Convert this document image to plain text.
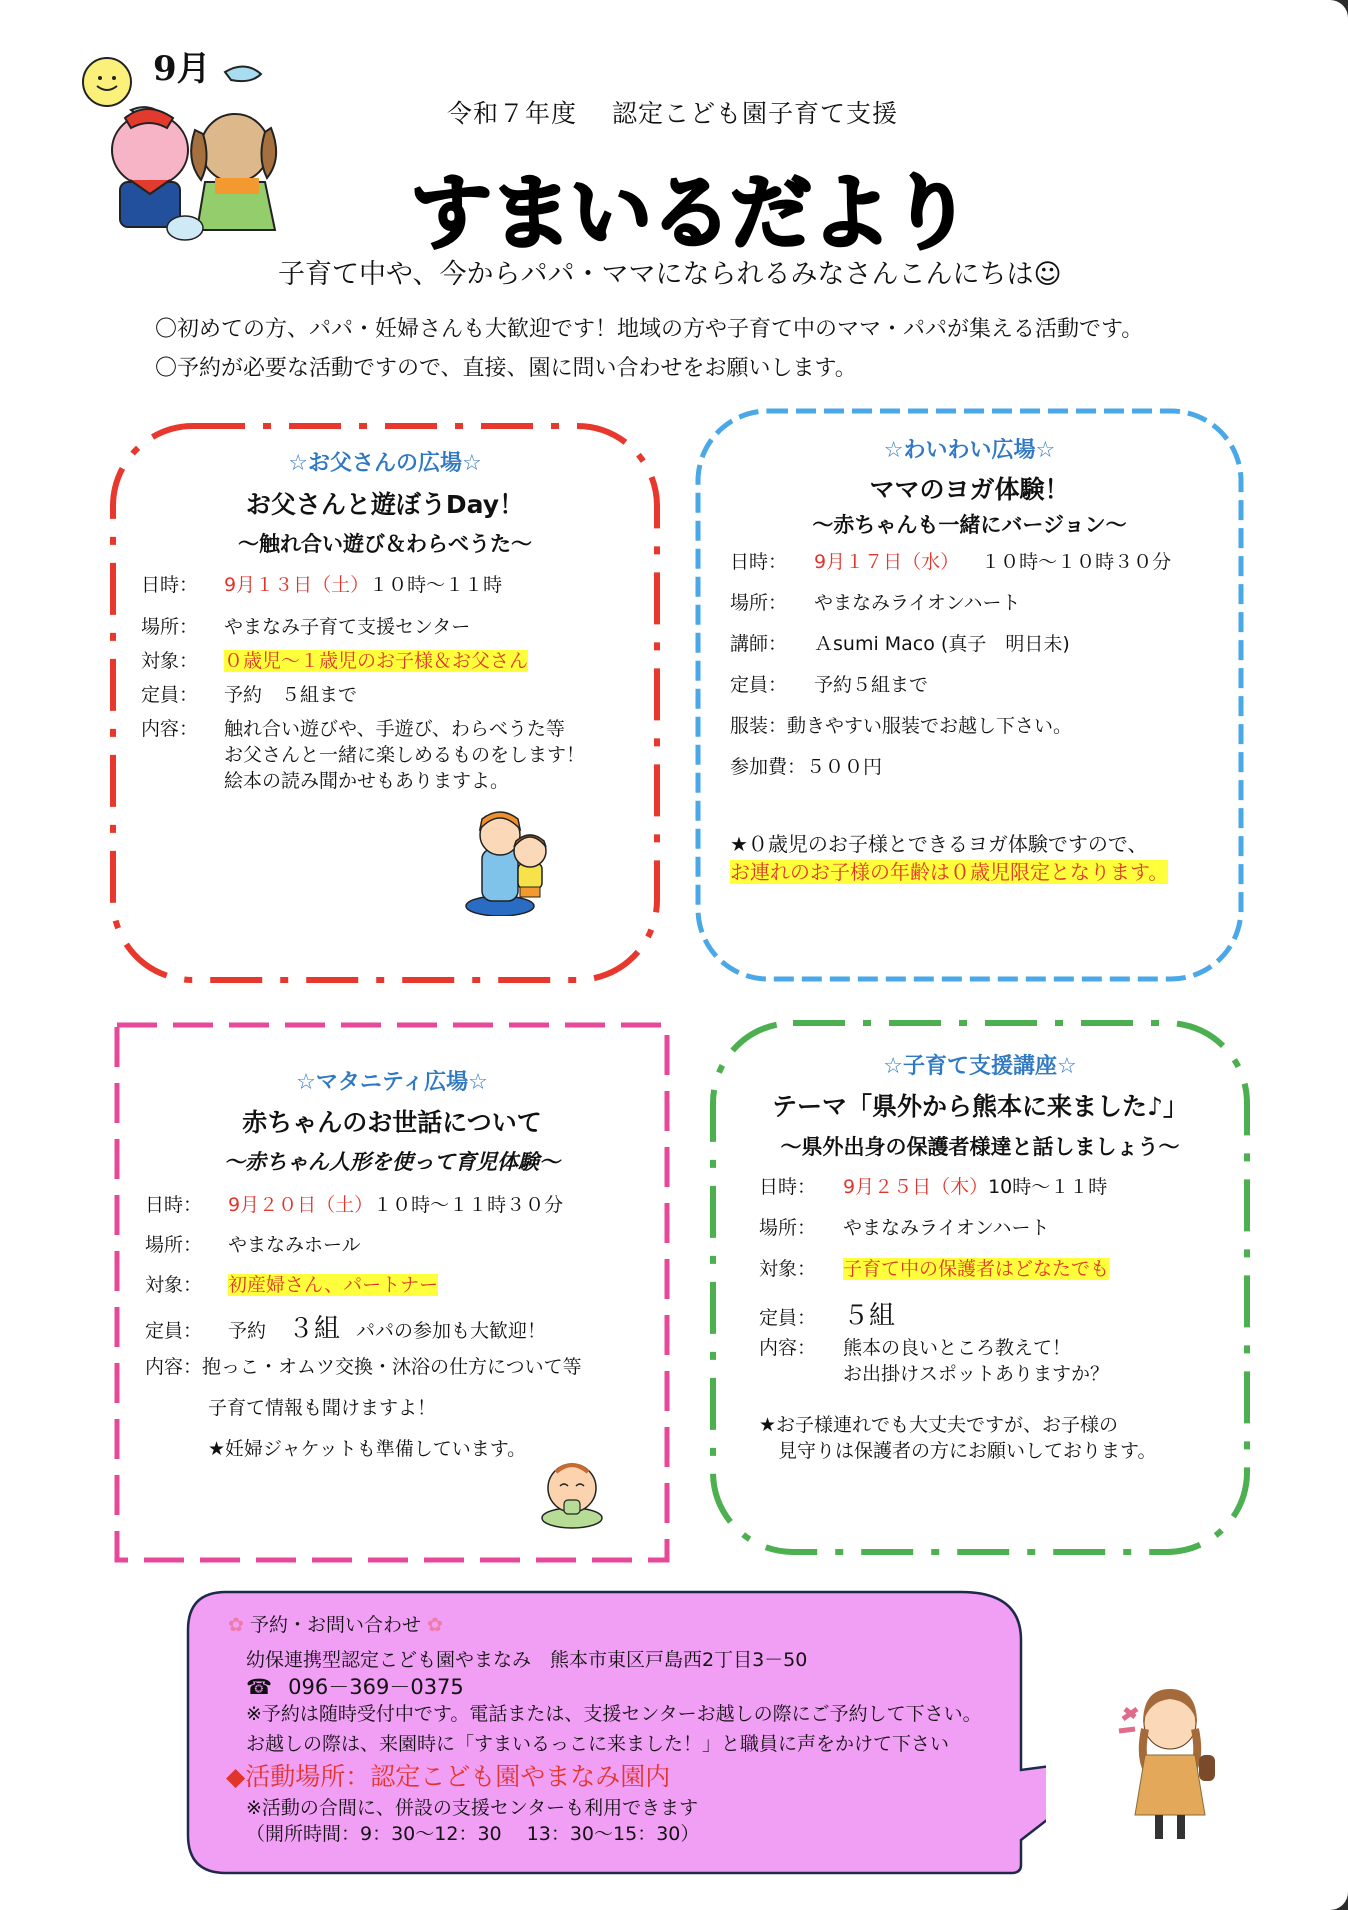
9月
令和７年度　 認定こども園子育て支援
すまいるだより
子育て中や、今からパパ・ママになられるみなさんこんにちは☺
〇初めての方、パパ・妊婦さんも大歓迎です！地域の方や子育て中のママ・パパが集える活動です。
〇予約が必要な活動ですので、直接、園に問い合わせをお願いします。
☆お父さんの広場☆
お父さんと遊ぼうDay！
～触れ合い遊び＆わらべうた～
日時： 9月１３日（土）１０時～１１時
場所： やまなみ子育て支援センター
対象： ０歳児～１歳児のお子様＆お父さん
定員： 予約　５組まで
内容： 触れ合い遊びや、手遊び、わらべうた等
お父さんと一緒に楽しめるものをします！
絵本の読み聞かせもありますよ。
☆わいわい広場☆
ママのヨガ体験！
～赤ちゃんも一緒にバージョン～
日時： 9月１７日（水） １０時～１０時３０分
場所： やまなみライオンハート
講師： Ａsumi Maco (真子　明日未)
定員： 予約５組まで
服装：動きやすい服装でお越し下さい。
参加費：５００円
★０歳児のお子様とできるヨガ体験ですので、
お連れのお子様の年齢は０歳児限定となります。
☆マタニティ広場☆
赤ちゃんのお世話について
～赤ちゃん人形を使って育児体験～
日時： 9月２０日（土）１０時～１１時３０分
場所： やまなみホール
対象： 初産婦さん、パートナー
定員： 予約 ３組 パパの参加も大歓迎！
内容：抱っこ・オムツ交換・沐浴の仕方について等
子育て情報も聞けますよ！
★妊婦ジャケットも準備しています。
☆子育て支援講座☆
テーマ「県外から熊本に来ました♪」
～県外出身の保護者様達と話しましょう～
日時： 9月２５日（木）10時～１１時
場所： やまなみライオンハート
対象： 子育て中の保護者はどなたでも
定員： ５組
内容： 熊本の良いところ教えて！
お出掛けスポットありますか？
★お子様連れでも大丈夫ですが、お子様の
　見守りは保護者の方にお願いしております。
✿ 予約・お問い合わせ ✿
幼保連携型認定こども園やまなみ　熊本市東区戸島西2丁目3－50
☎ 096－369－0375
※予約は随時受付中です。電話または、支援センターお越しの際にご予約して下さい。
お越しの際は、来園時に「すまいるっこに来ました！」と職員に声をかけて下さい
◆活動場所：認定こども園やまなみ園内
※活動の合間に、併設の支援センターも利用できます
（開所時間：9：30～12：30　 13：30～15：30）
